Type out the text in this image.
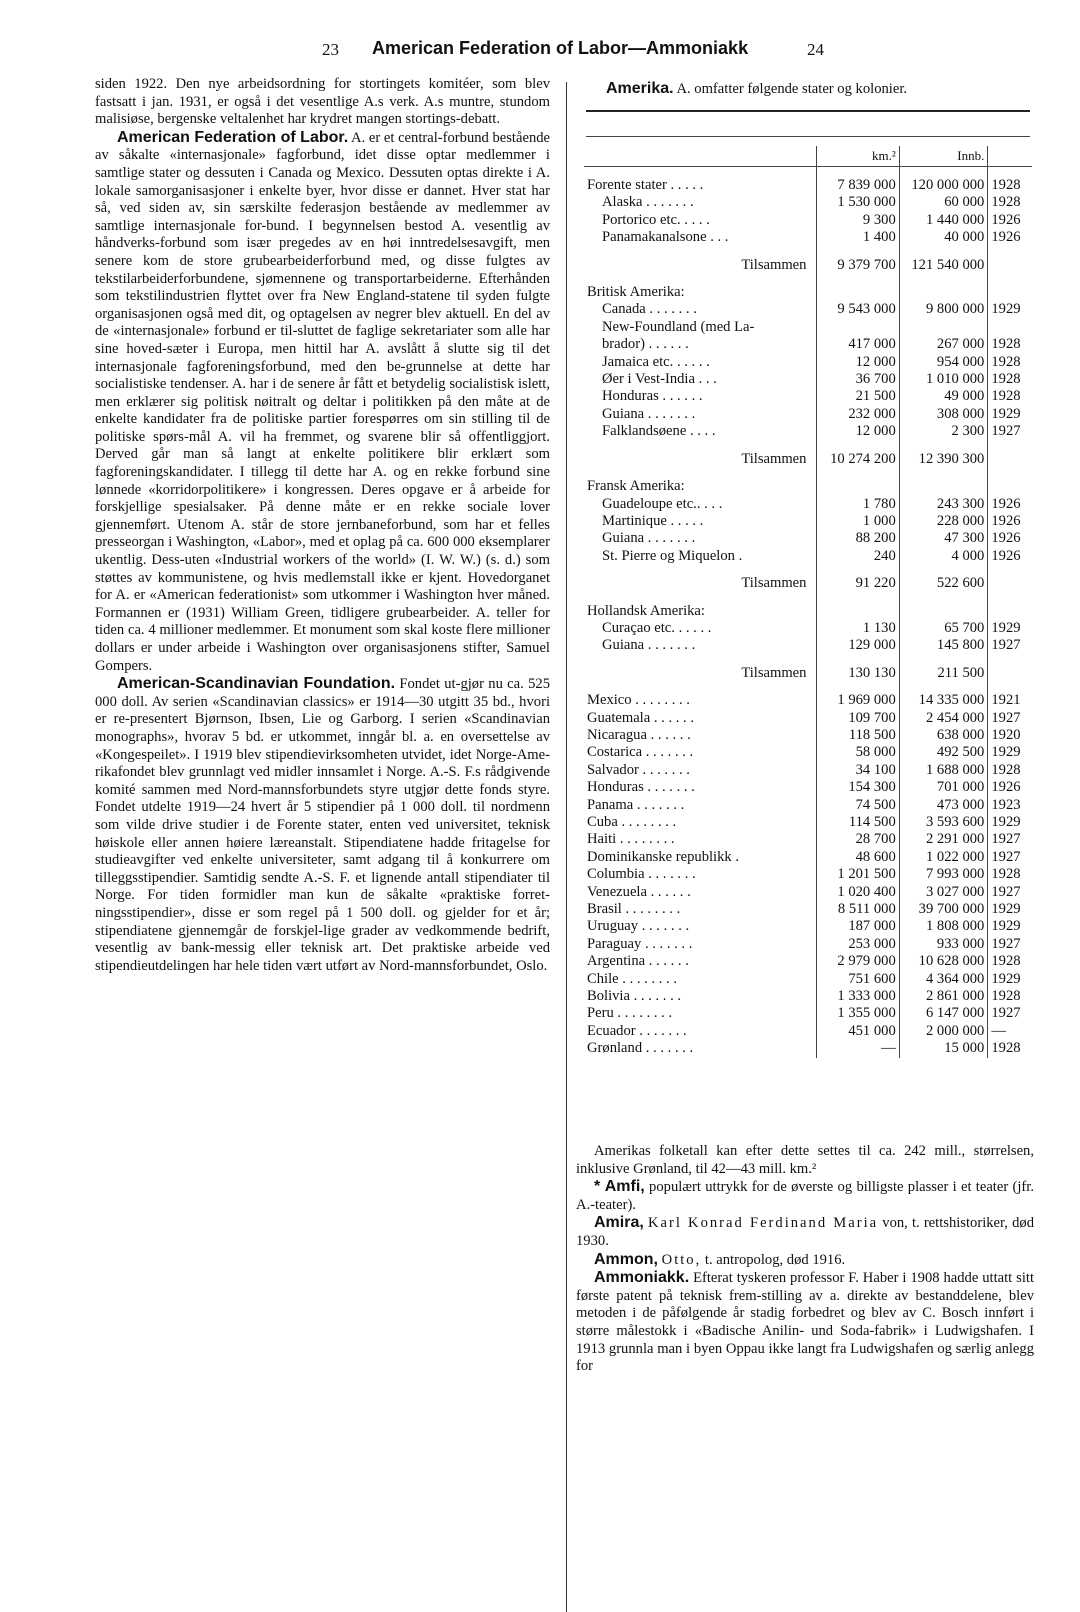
23 American Federation of Labor—Ammoniakk	24

siden 1922. Den nye arbeidsordning for stortingets komitéer, som blev fastsatt i jan. 1931, er også i det vesentlige A.s verk. A.s muntre, stundom malisiøse, bergenske veltalenhet har krydret mangen stortings-debatt.

American Federation of Labor. A. er et central-forbund bestående av såkalte «internasjonale» fagforbund, idet disse optar medlemmer i samtlige stater og dessuten i Canada og Mexico. Dessuten optas direkte i A. lokale samorganisasjoner i enkelte byer, hvor disse er dannet. Hver stat har så, ved siden av, sin særskilte federasjon bestående av medlemmer av samtlige internasjonale for-bund. I begynnelsen bestod A. vesentlig av håndverks-forbund som især pregedes av en høi inntredelsesavgift, men senere kom de store grubearbeiderforbund med, og disse fulgtes av tekstilarbeiderforbundene, sjømennene og transportarbeiderne. Efterhånden som tekstilindustrien flyttet over fra New England-statene til syden fulgte organisasjonen også med dit, og optagelsen av negrer blev aktuell. En del av de «internasjonale» forbund er til-sluttet de faglige sekretariater som alle har sine hoved-sæter i Europa, men hittil har A. avslått å slutte sig til det internasjonale fagforeningsforbund, med den be-grunnelse at dette har socialistiske tendenser. A. har i de senere år fått et betydelig socialistisk islett, men erklærer sig politisk nøitralt og deltar i politikken på den måte at de enkelte kandidater fra de politiske partier forespørres om sin stilling til de politiske spørs-mål A. vil ha fremmet, og svarene blir så offentliggjort. Derved går man så langt at enkelte politikere blir erklært som fagforeningskandidater. I tillegg til dette har A. og en rekke forbund sine lønnede «korridorpolitikere» i kongressen. Deres opgave er å arbeide for forskjellige spesialsaker. På denne måte er en rekke sociale lover gjennemført. Utenom A. står de store jernbaneforbund, som har et felles presseorgan i Washington, «Labor», med et oplag på ca. 600 000 eksemplarer ukentlig. Dess-uten «Industrial workers of the world» (I. W. W.) (s. d.) som støttes av kommunistene, og hvis medlemstall ikke er kjent. Hovedorganet for A. er «American federationist» som utkommer i Washington hver måned. Formannen er (1931) William Green, tidligere grubearbeider. A. teller for tiden ca. 4 millioner medlemmer. Et monument som skal koste flere millioner dollars er under arbeide i Washington over organisasjonens stifter, Samuel Gompers.

American-Scandinavian Foundation. Fondet ut-gjør nu ca. 525 000 doll. Av serien «Scandinavian classics» er 1914—30 utgitt 35 bd., hvori er re-presentert Bjørnson, Ibsen, Lie og Garborg. I serien «Scandinavian monographs», hvorav 5 bd. er utkommet, inngår bl. a. en oversettelse av «Kongespeilet». I 1919 blev stipendievirksomheten utvidet, idet Norge-Ame-rikafondet blev grunnlagt ved midler innsamlet i Norge. A.-S. F.s rådgivende komité sammen med Nord-mannsforbundets styre utgjør dette fonds styre. Fondet utdelte 1919—24 hvert år 5 stipendier på 1 000 doll. til nordmenn som vilde drive studier i de Forente stater, enten ved universitet, teknisk høiskole eller annen høiere læreanstalt. Stipendiatene hadde fritagelse for studieavgifter ved enkelte universiteter, samt adgang til å konkurrere om tilleggsstipendier. Samtidig sendte A.-S. F. et lignende antall stipendiater til Norge. For tiden formidler man kun de såkalte «praktiske forret-ningsstipendier», disse er som regel på 1 500 doll. og gjelder for et år; stipendiatene gjennemgår de forskjel-lige grader av vedkommende bedrift, vesentlig av bank-messig eller teknisk art. Det praktiske arbeide ved stipendieutdelingen har hele tiden vært utført av Nord-mannsforbundet, Oslo.

Amerika. A. omfatter følgende stater og kolonier.
	km.²	Innb.	

Forente stater . . . . .	7 839 000	120 000 000	1928
Alaska . . . . . . .	1 530 000	60 000	1928
Portorico etc. . . . .	9 300	1 440 000	1926
Panamakanalsone . . .	1 400	40 000	1926

Tilsammen	9 379 700	121 540 000	

Britisk Amerika:			
Canada . . . . . . .	9 543 000	9 800 000	1929
New-Foundland (med La-			
brador) . . . . . .	417 000	267 000	1928
Jamaica etc. . . . . .	12 000	954 000	1928
Øer i Vest-India . . .	36 700	1 010 000	1928
Honduras . . . . . .	21 500	49 000	1928
Guiana . . . . . . .	232 000	308 000	1929
Falklandsøene . . . .	12 000	2 300	1927

Tilsammen	10 274 200	12 390 300	

Fransk Amerika:			
Guadeloupe etc.. . . .	1 780	243 300	1926
Martinique . . . . .	1 000	228 000	1926
Guiana . . . . . . .	88 200	47 300	1926
St. Pierre og Miquelon .	240	4 000	1926

Tilsammen	91 220	522 600	

Hollandsk Amerika:			
Curaçao etc. . . . . .	1 130	65 700	1929
Guiana . . . . . . .	129 000	145 800	1927

Tilsammen	130 130	211 500	

Mexico . . . . . . . .	1 969 000	14 335 000	1921
Guatemala . . . . . .	109 700	2 454 000	1927
Nicaragua . . . . . .	118 500	638 000	1920
Costarica . . . . . . .	58 000	492 500	1929
Salvador . . . . . . .	34 100	1 688 000	1928
Honduras . . . . . . .	154 300	701 000	1926
Panama . . . . . . .	74 500	473 000	1923
Cuba . . . . . . . .	114 500	3 593 600	1929
Haiti . . . . . . . .	28 700	2 291 000	1927
Dominikanske republikk .	48 600	1 022 000	1927
Columbia . . . . . . .	1 201 500	7 993 000	1928
Venezuela . . . . . .	1 020 400	3 027 000	1927
Brasil . . . . . . . .	8 511 000	39 700 000	1929
Uruguay . . . . . . .	187 000	1 808 000	1929
Paraguay . . . . . . .	253 000	933 000	1927
Argentina . . . . . .	2 979 000	10 628 000	1928
Chile . . . . . . . .	751 600	4 364 000	1929
Bolivia . . . . . . .	1 333 000	2 861 000	1928
Peru . . . . . . . .	1 355 000	6 147 000	1927
Ecuador . . . . . . .	451 000	2 000 000	—
Grønland . . . . . . .	—	15 000	1928

Amerikas folketall kan efter dette settes til ca. 242 mill., størrelsen, inklusive Grønland, til 42—43 mill. km.²

* Amfi, populært uttrykk for de øverste og billigste plasser i et teater (jfr. A.-teater).

Amira, Karl Konrad Ferdinand Maria von, t. rettshistoriker, død 1930.

Ammon, Otto, t. antropolog, død 1916.

Ammoniakk. Efterat tyskeren professor F. Haber i 1908 hadde uttatt sitt første patent på teknisk frem-stilling av a. direkte av bestanddelene, blev metoden i de påfølgende år stadig forbedret og blev av C. Bosch innført i større målestokk i «Badische Anilin- und Soda-fabrik» i Ludwigshafen. I 1913 grunnla man i byen Oppau ikke langt fra Ludwigshafen og særlig anlegg for
